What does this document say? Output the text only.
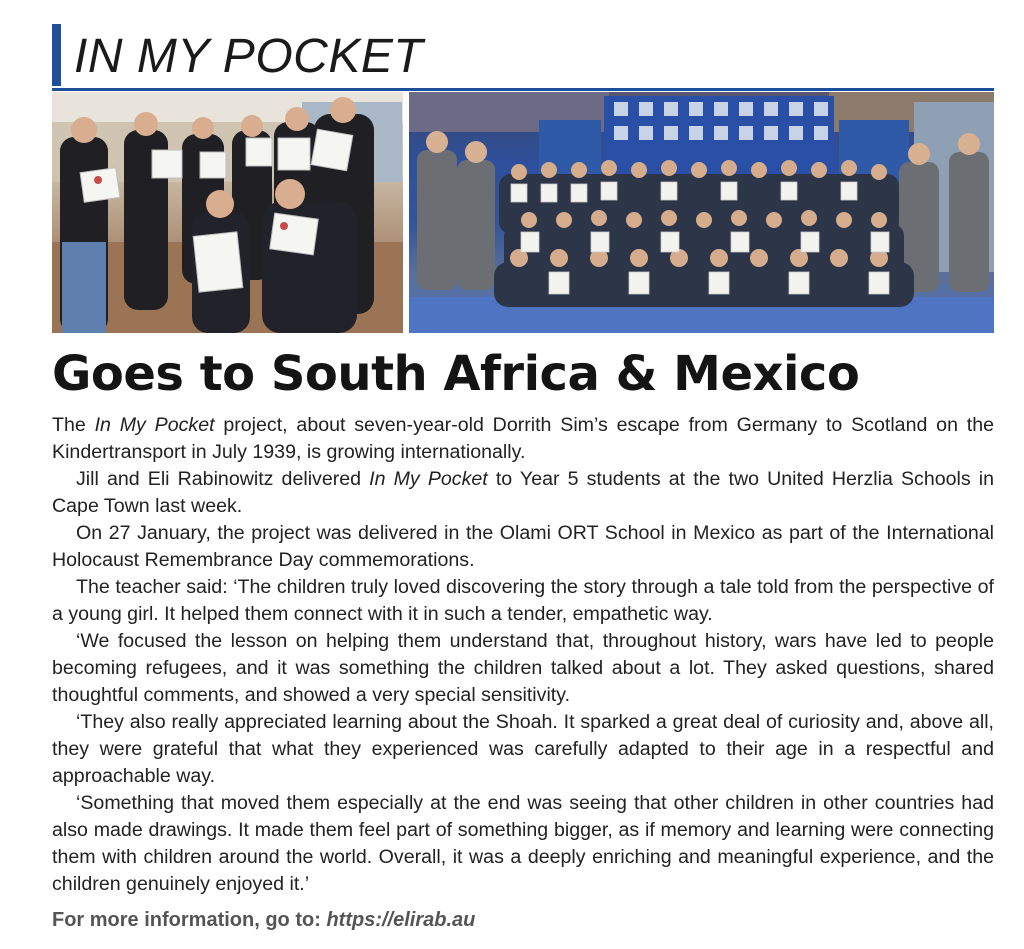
IN MY POCKET
Goes to South Africa & Mexico

The In My Pocket project, about seven-year-old Dorrith Sim’s escape from Germany to Scotland on the Kindertransport in July 1939, is growing internationally.

Jill and Eli Rabinowitz delivered In My Pocket to Year 5 students at the two United Herzlia Schools in Cape Town last week.

On 27 January, the project was delivered in the Olami ORT School in Mexico as part of the International Holocaust Remembrance Day commemorations.

The teacher said: ‘The children truly loved discovering the story through a tale told from the perspective of a young girl. It helped them connect with it in such a tender, empathetic way.

‘We focused the lesson on helping them understand that, throughout history, wars have led to people becoming refugees, and it was something the children talked about a lot. They asked questions, shared thoughtful comments, and showed a very special sensitivity.

‘They also really appreciated learning about the Shoah. It sparked a great deal of curiosity and, above all, they were grateful that what they experienced was carefully adapted to their age in a respectful and approachable way.

‘Something that moved them especially at the end was seeing that other children in other countries had also made drawings. It made them feel part of something bigger, as if memory and learning were connecting them with children around the world. Overall, it was a deeply enriching and meaningful experience, and the children genuinely enjoyed it.’

For more information, go to: https://elirab.au
